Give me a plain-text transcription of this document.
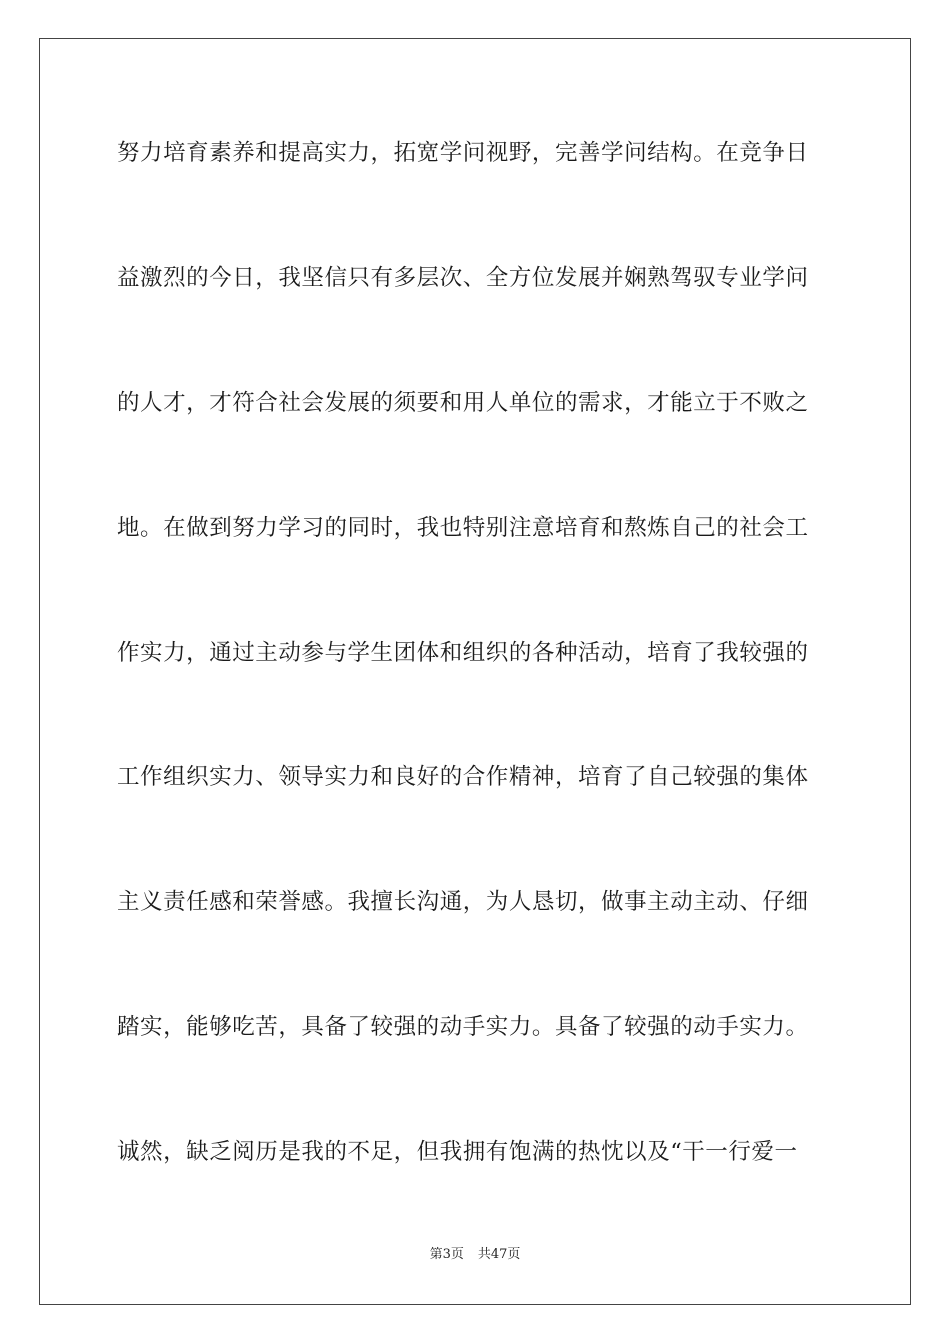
努力培育素养和提高实力，拓宽学问视野，完善学问结构。在竞争日
益激烈的今日，我坚信只有多层次、全方位发展并娴熟驾驭专业学问
的人才，才符合社会发展的须要和用人单位的需求，才能立于不败之
地。在做到努力学习的同时，我也特别注意培育和熬炼自己的社会工
作实力，通过主动参与学生团体和组织的各种活动，培育了我较强的
工作组织实力、领导实力和良好的合作精神，培育了自己较强的集体
主义责任感和荣誉感。我擅长沟通，为人恳切，做事主动主动、仔细
踏实，能够吃苦，具备了较强的动手实力。具备了较强的动手实力。
诚然，缺乏阅历是我的不足，但我拥有饱满的热忱以及“干一行爱一
第3页 共47页
